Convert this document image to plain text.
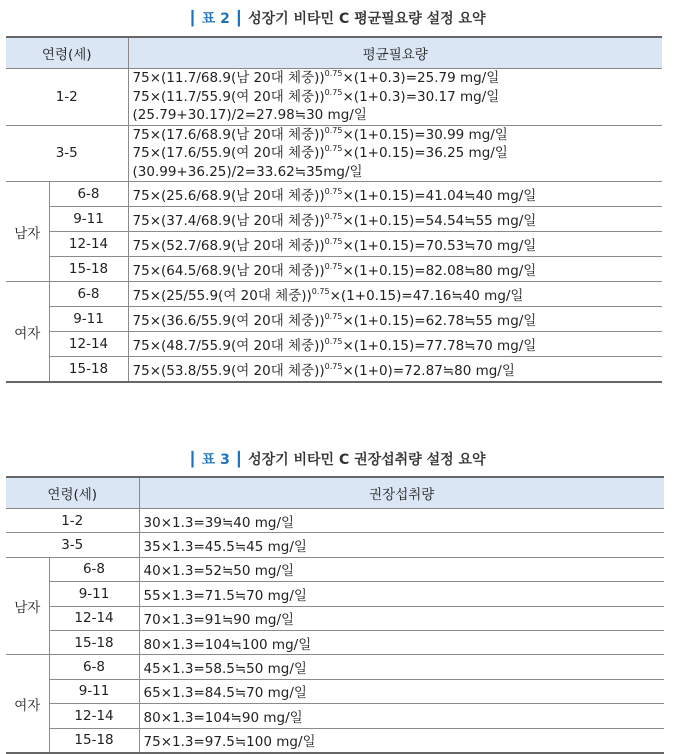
┃ 표 2 ┃ 성장기 비타민 C 평균필요량 설정 요약
연령(세)		평균필요량
1-2		75×(11.7/68.9(남 20대 체중))$^{0.75}$×(1+0.3)=25.79 mg/일
75×(11.7/55.9(여 20대 체중))$^{0.75}$×(1+0.3)=30.17 mg/일
(25.79+30.17)/2=27.98≒30 mg/일

3-5		75×(17.6/68.9(남 20대 체중))$^{0.75}$×(1+0.15)=30.99 mg/일
75×(17.6/55.9(여 20대 체중))$^{0.75}$×(1+0.15)=36.25 mg/일
(30.99+36.25)/2=33.62≒35mg/일

남자	6-8	75×(25.6/68.9(남 20대 체중))$^{0.75}$×(1+0.15)=41.04≒40 mg/일
	9-11	75×(37.4/68.9(남 20대 체중))$^{0.75}$×(1+0.15)=54.54≒55 mg/일
	12-14	75×(52.7/68.9(남 20대 체중))$^{0.75}$×(1+0.15)=70.53≒70 mg/일
	15-18	75×(64.5/68.9(남 20대 체중))$^{0.75}$×(1+0.15)=82.08≒80 mg/일
여자	6-8	75×(25/55.9(여 20대 체중))$^{0.75}$×(1+0.15)=47.16≒40 mg/일
	9-11	75×(36.6/55.9(여 20대 체중))$^{0.75}$×(1+0.15)=62.78≒55 mg/일
	12-14	75×(48.7/55.9(여 20대 체중))$^{0.75}$×(1+0.15)=77.78≒70 mg/일
	15-18	75×(53.8/55.9(여 20대 체중))$^{0.75}$×(1+0)=72.87≒80 mg/일
┃ 표 3 ┃ 성장기 비타민 C 권장섭취량 설정 요약
연령(세)		권장섭취량
1-2		30×1.3=39≒40 mg/일
3-5		35×1.3=45.5≒45 mg/일
남자	6-8	40×1.3=52≒50 mg/일
	9-11	55×1.3=71.5≒70 mg/일
	12-14	70×1.3=91≒90 mg/일
	15-18	80×1.3=104≒100 mg/일
여자	6-8	45×1.3=58.5≒50 mg/일
	9-11	65×1.3=84.5≒70 mg/일
	12-14	80×1.3=104≒90 mg/일
	15-18	75×1.3=97.5≒100 mg/일
